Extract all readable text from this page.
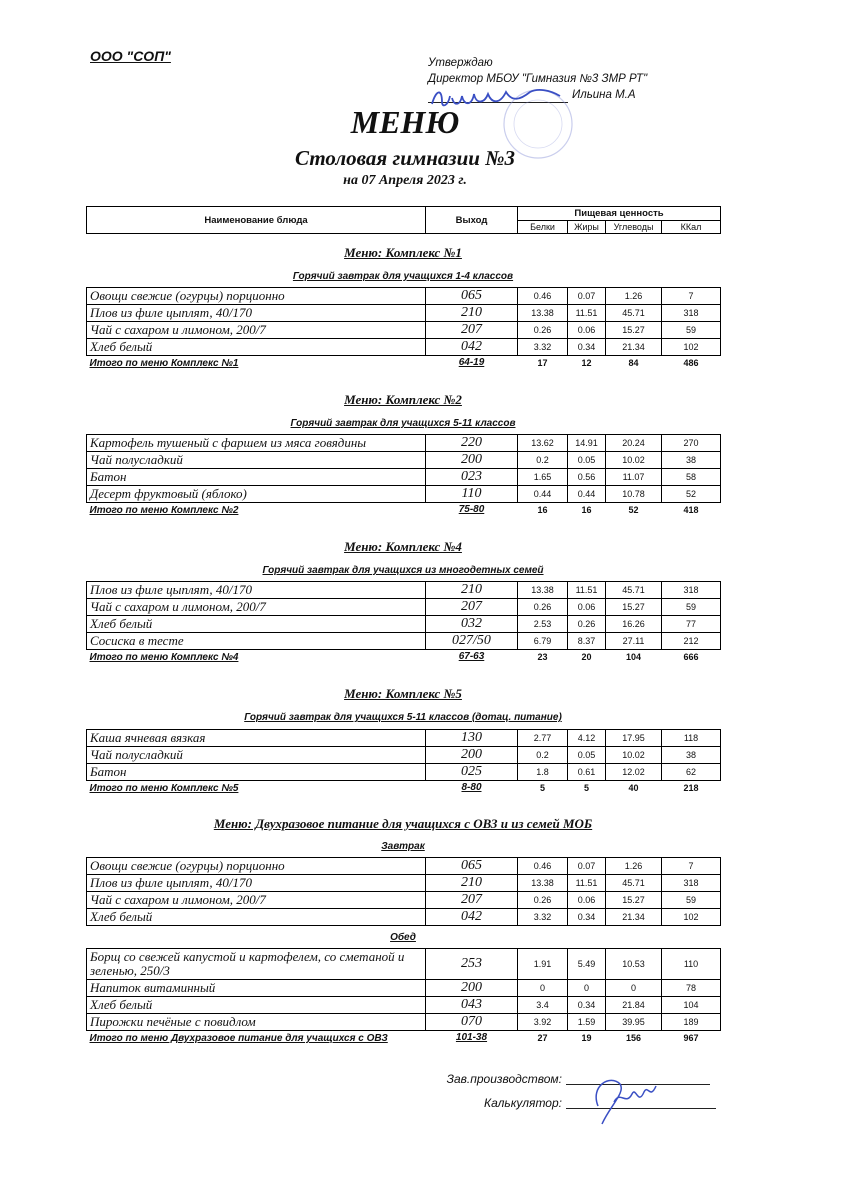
ООО "СОП"	Утверждаю
Директор МБОУ "Гимназия №3 ЗМР РТ"
Ильина М.А
МЕНЮ
Столовая гимназии №3
на 07 Апреля 2023 г.
Наименование блюда	Выход	Пищевая ценность			
		Белки	Жиры	Углеводы	ККал
Меню: Комплекс №1
Горячий завтрак для учащихся 1-4 классов
Овощи свежие (огурцы) порционно	065	0.46	0.07	1.26	7
Плов из филе цыплят, 40/170	210	13.38	11.51	45.71	318
Чай с сахаром и лимоном, 200/7	207	0.26	0.06	15.27	59
Хлеб белый	042	3.32	0.34	21.34	102
Итого по меню Комплекс №1	64-19	17	12	84	486
Меню: Комплекс №2
Горячий завтрак для учащихся 5-11 классов
Картофель тушеный с фаршем из мяса говядины	220	13.62	14.91	20.24	270
Чай полусладкий	200	0.2	0.05	10.02	38
Батон	023	1.65	0.56	11.07	58
Десерт фруктовый (яблоко)	110	0.44	0.44	10.78	52
Итого по меню Комплекс №2	75-80	16	16	52	418
Меню: Комплекс №4
Горячий завтрак для учащихся из многодетных семей
Плов из филе цыплят, 40/170	210	13.38	11.51	45.71	318
Чай с сахаром и лимоном, 200/7	207	0.26	0.06	15.27	59
Хлеб белый	032	2.53	0.26	16.26	77
Сосиска в тесте	027/50	6.79	8.37	27.11	212
Итого по меню Комплекс №4	67-63	23	20	104	666
Меню: Комплекс №5
Горячий завтрак для учащихся 5-11 классов (дотац. питание)
Каша ячневая вязкая	130	2.77	4.12	17.95	118
Чай полусладкий	200	0.2	0.05	10.02	38
Батон	025	1.8	0.61	12.02	62
Итого по меню Комплекс №5	8-80	5	5	40	218
Меню: Двухразовое питание для учащихся с ОВЗ и из семей МОБ
Завтрак
Овощи свежие (огурцы) порционно	065	0.46	0.07	1.26	7
Плов из филе цыплят, 40/170	210	13.38	11.51	45.71	318
Чай с сахаром и лимоном, 200/7	207	0.26	0.06	15.27	59
Хлеб белый	042	3.32	0.34	21.34	102
Обед
Борщ со свежей капустой и картофелем, со сметаной и зеленью, 250/3	253	1.91	5.49	10.53	110
Напиток витаминный	200	0	0	0	78
Хлеб белый	043	3.4	0.34	21.84	104
Пирожки печёные с повидлом	070	3.92	1.59	39.95	189
Итого по меню Двухразовое питание для учащихся с ОВЗ	101-38	27	19	156	967
Зав.производством:
Калькулятор:
